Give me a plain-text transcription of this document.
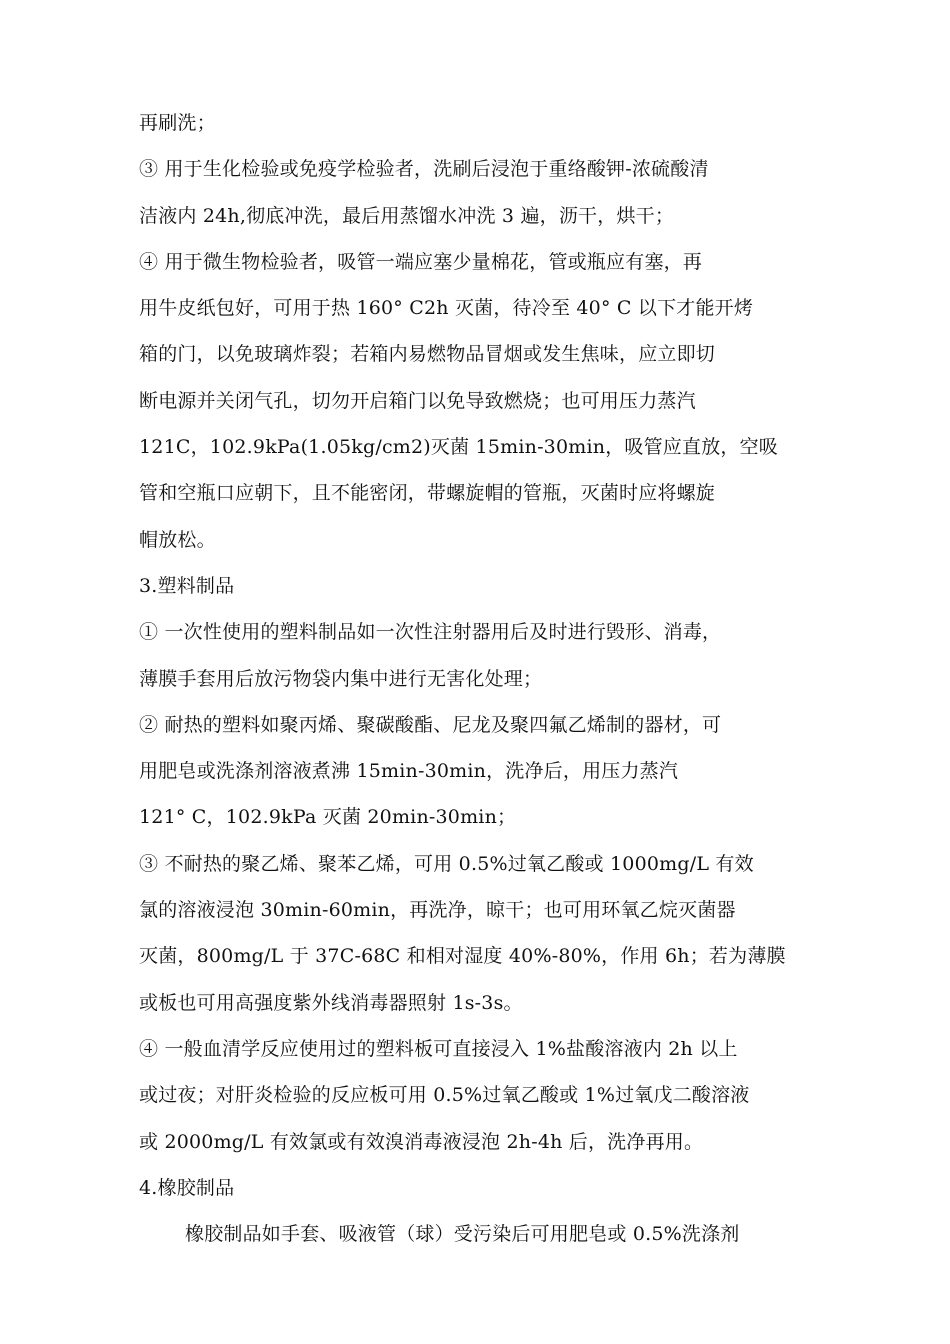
再刷洗；
③ 用于生化检验或免疫学检验者，洗刷后浸泡于重络酸钾-浓硫酸清
洁液内 24h,彻底冲洗，最后用蒸馏水冲洗 3 遍，沥干，烘干；
④ 用于微生物检验者，吸管一端应塞少量棉花，管或瓶应有塞，再
用牛皮纸包好，可用于热 160° C2h 灭菌，待冷至 40° C 以下才能开烤
箱的门，以免玻璃炸裂；若箱内易燃物品冒烟或发生焦味，应立即切
断电源并关闭气孔，切勿开启箱门以免导致燃烧；也可用压力蒸汽
121C，102.9kPa(1.05kg/cm2)灭菌 15min-30min，吸管应直放，空吸
管和空瓶口应朝下，且不能密闭，带螺旋帽的管瓶，灭菌时应将螺旋
帽放松。
3.塑料制品
① 一次性使用的塑料制品如一次性注射器用后及时进行毁形、消毒，
薄膜手套用后放污物袋内集中进行无害化处理；
② 耐热的塑料如聚丙烯、聚碳酸酯、尼龙及聚四氟乙烯制的器材，可
用肥皂或洗涤剂溶液煮沸 15min-30min，洗净后，用压力蒸汽
121° C，102.9kPa 灭菌 20min-30min；
③ 不耐热的聚乙烯、聚苯乙烯，可用 0.5%过氧乙酸或 1000mg/L 有效
氯的溶液浸泡 30min-60min，再洗净，晾干；也可用环氧乙烷灭菌器
灭菌，800mg/L 于 37C-68C 和相对湿度 40%-80%，作用 6h；若为薄膜
或板也可用高强度紫外线消毒器照射 1s-3s。
④ 一般血清学反应使用过的塑料板可直接浸入 1%盐酸溶液内 2h 以上
或过夜；对肝炎检验的反应板可用 0.5%过氧乙酸或 1%过氧戊二酸溶液
或 2000mg/L 有效氯或有效溴消毒液浸泡 2h-4h 后，洗净再用。
4.橡胶制品
橡胶制品如手套、吸液管（球）受污染后可用肥皂或 0.5%洗涤剂
